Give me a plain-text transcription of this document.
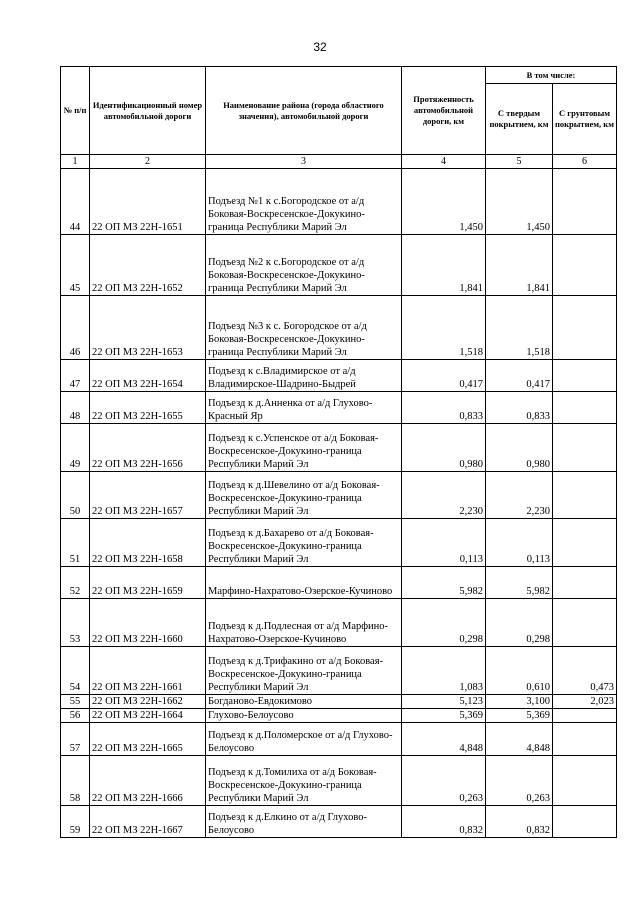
32
№ п/п	Идентификационный номер автомобильной дороги	Наименование района (города областного значения), автомобильной дороги	Протяженность автомобильной дороги, км	В том числе:	
				С твердым покрытием, км	С грунтовым покрытием, км
1	2	3	4	5	6
44	22 ОП МЗ 22Н-1651	Подъезд №1 к с.Богородское от а/д Боковая-Воскресенское-Докукино-граница Республики Марий Эл	1,450	1,450	
45	22 ОП МЗ 22Н-1652	Подъезд №2 к с.Богородское от а/д Боковая-Воскресенское-Докукино-граница Республики Марий Эл	1,841	1,841	
46	22 ОП МЗ 22Н-1653	Подъезд №3 к с. Богородское от а/д Боковая-Воскресенское-Докукино-граница Республики Марий Эл	1,518	1,518	
47	22 ОП МЗ 22Н-1654	Подъезд к с.Владимирское от а/д Владимирское-Шадрино-Быдрей	0,417	0,417	
48	22 ОП МЗ 22Н-1655	Подъезд к д.Анненка от а/д Глухово-Красный Яр	0,833	0,833	
49	22 ОП МЗ 22Н-1656	Подъезд к с.Успенское от а/д Боковая-Воскресенское-Докукино-граница Республики Марий Эл	0,980	0,980	
50	22 ОП МЗ 22Н-1657	Подъезд к д.Шевелино от а/д Боковая-Воскресенское-Докукино-граница Республики Марий Эл	2,230	2,230	
51	22 ОП МЗ 22Н-1658	Подъезд к д.Бахарево от а/д Боковая-Воскресенское-Докукино-граница Республики Марий Эл	0,113	0,113	
52	22 ОП МЗ 22Н-1659	Марфино-Нахратово-Озерское-Кучиново	5,982	5,982	
53	22 ОП МЗ 22Н-1660	Подъезд к д.Подлесная от а/д Марфино-Нахратово-Озерское-Кучиново	0,298	0,298	
54	22 ОП МЗ 22Н-1661	Подъезд к д.Трифакино от а/д Боковая-Воскресенское-Докукино-граница Республики Марий Эл	1,083	0,610	0,473
55	22 ОП МЗ 22Н-1662	Богданово-Евдокимово	5,123	3,100	2,023
56	22 ОП МЗ 22Н-1664	Глухово-Белоусово	5,369	5,369	
57	22 ОП МЗ 22Н-1665	Подъезд к д.Поломерское от а/д Глухово-Белоусово	4,848	4,848	
58	22 ОП МЗ 22Н-1666	Подъезд к д.Томилиха от а/д Боковая-Воскресенское-Докукино-граница Республики Марий Эл	0,263	0,263	
59	22 ОП МЗ 22Н-1667	Подъезд к д.Елкино от а/д Глухово-Белоусово	0,832	0,832	
